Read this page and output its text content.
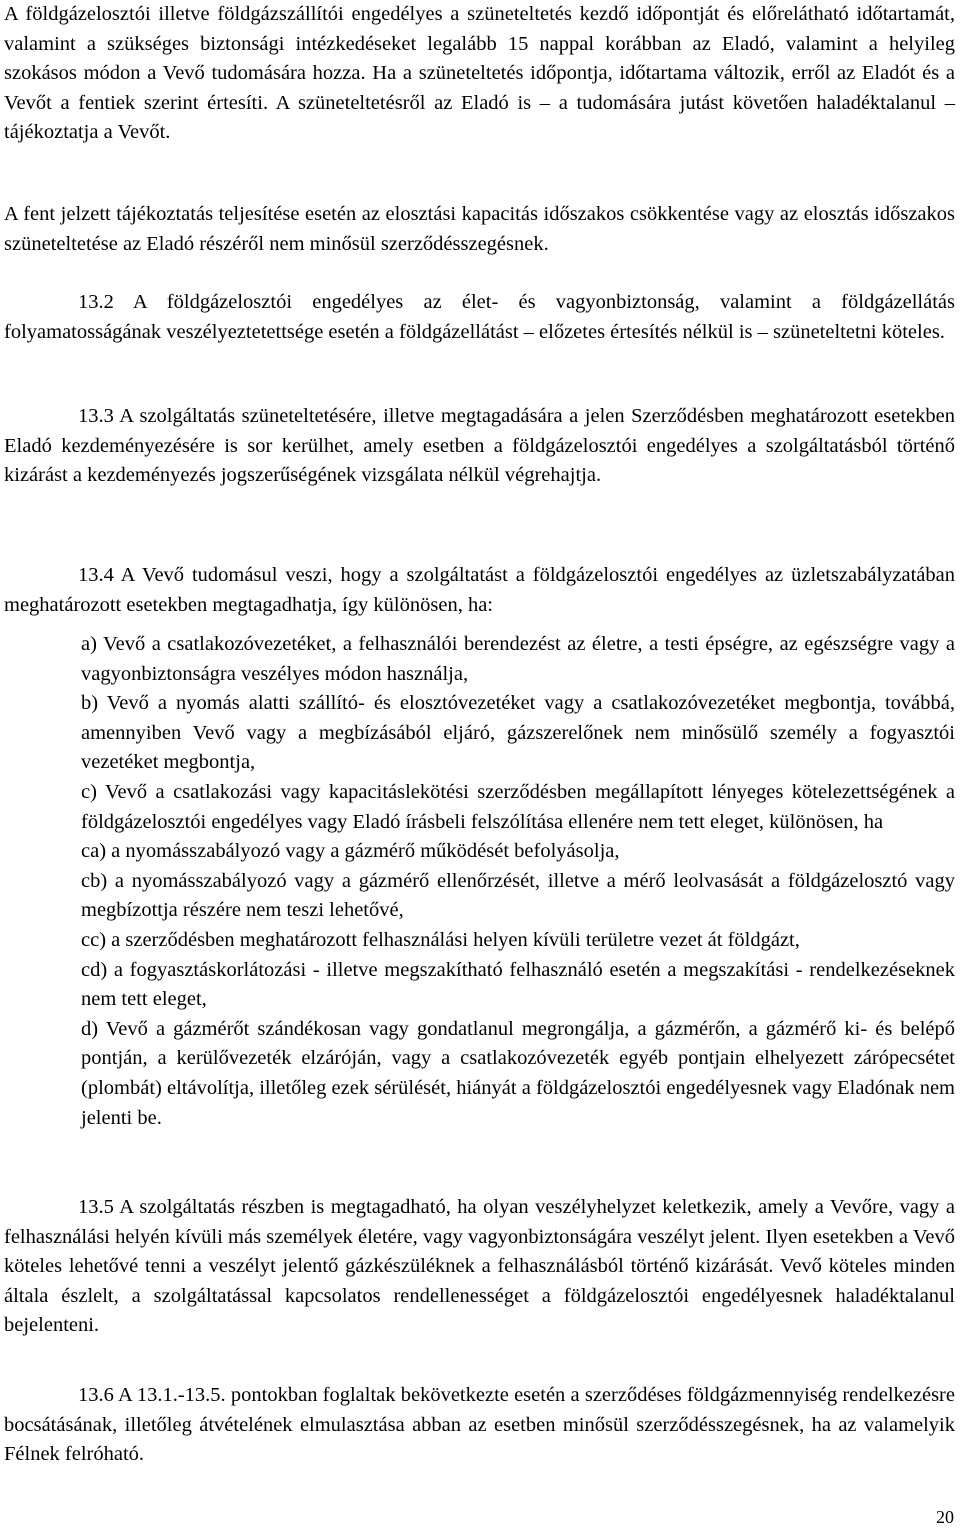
A földgázelosztói illetve földgázszállítói engedélyes a szüneteltetés kezdő időpontját és előrelátható időtartamát, valamint a szükséges biztonsági intézkedéseket legalább 15 nappal korábban az Eladó, valamint a helyileg szokásos módon a Vevő tudomására hozza. Ha a szüneteltetés időpontja, időtartama változik, erről az Eladót és a Vevőt a fentiek szerint értesíti. A szüneteltetésről az Eladó is – a tudomására jutást követően haladéktalanul – tájékoztatja a Vevőt.

A fent jelzett tájékoztatás teljesítése esetén az elosztási kapacitás időszakos csökkentése vagy az elosztás időszakos szüneteltetése az Eladó részéről nem minősül szerződésszegésnek.

13.2 A földgázelosztói engedélyes az élet- és vagyonbiztonság, valamint a földgázellátás folyamatosságának veszélyeztetettsége esetén a földgázellátást – előzetes értesítés nélkül is – szüneteltetni köteles.

13.3 A szolgáltatás szüneteltetésére, illetve megtagadására a jelen Szerződésben meghatározott esetekben Eladó kezdeményezésére is sor kerülhet, amely esetben a földgázelosztói engedélyes a szolgáltatásból történő kizárást a kezdeményezés jogszerűségének vizsgálata nélkül végrehajtja.

13.4 A Vevő tudomásul veszi, hogy a szolgáltatást a földgázelosztói engedélyes az üzletszabályzatában meghatározott esetekben megtagadhatja, így különösen, ha:

a) Vevő a csatlakozóvezetéket, a felhasználói berendezést az életre, a testi épségre, az egészségre vagy a vagyonbiztonságra veszélyes módon használja,
b) Vevő a nyomás alatti szállító- és elosztóvezetéket vagy a csatlakozóvezetéket megbontja, továbbá, amennyiben Vevő vagy a megbízásából eljáró, gázszerelőnek nem minősülő személy a fogyasztói vezetéket megbontja,
c) Vevő a csatlakozási vagy kapacitáslekötési szerződésben megállapított lényeges kötelezettségének a földgázelosztói engedélyes vagy Eladó írásbeli felszólítása ellenére nem tett eleget, különösen, ha
ca) a nyomásszabályozó vagy a gázmérő működését befolyásolja,
cb) a nyomásszabályozó vagy a gázmérő ellenőrzését, illetve a mérő leolvasását a földgázelosztó vagy megbízottja részére nem teszi lehetővé,
cc) a szerződésben meghatározott felhasználási helyen kívüli területre vezet át földgázt,
cd) a fogyasztáskorlátozási - illetve megszakítható felhasználó esetén a megszakítási - rendelkezéseknek nem tett eleget,
d) Vevő a gázmérőt szándékosan vagy gondatlanul megrongálja, a gázmérőn, a gázmérő ki- és belépő pontján, a kerülővezeték elzáróján, vagy a csatlakozóvezeték egyéb pontjain elhelyezett zárópecsétet (plombát) eltávolítja, illetőleg ezek sérülését, hiányát a földgázelosztói engedélyesnek vagy Eladónak nem jelenti be.

13.5 A szolgáltatás részben is megtagadható, ha olyan veszélyhelyzet keletkezik, amely a Vevőre, vagy a felhasználási helyén kívüli más személyek életére, vagy vagyonbiztonságára veszélyt jelent. Ilyen esetekben a Vevő köteles lehetővé tenni a veszélyt jelentő gázkészüléknek a felhasználásból történő kizárását. Vevő köteles minden általa észlelt, a szolgáltatással kapcsolatos rendellenességet a földgázelosztói engedélyesnek haladéktalanul bejelenteni.

13.6 A 13.1.-13.5. pontokban foglaltak bekövetkezte esetén a szerződéses földgázmennyiség rendelkezésre bocsátásának, illetőleg átvételének elmulasztása abban az esetben minősül szerződésszegésnek, ha az valamelyik Félnek felróható.

20
